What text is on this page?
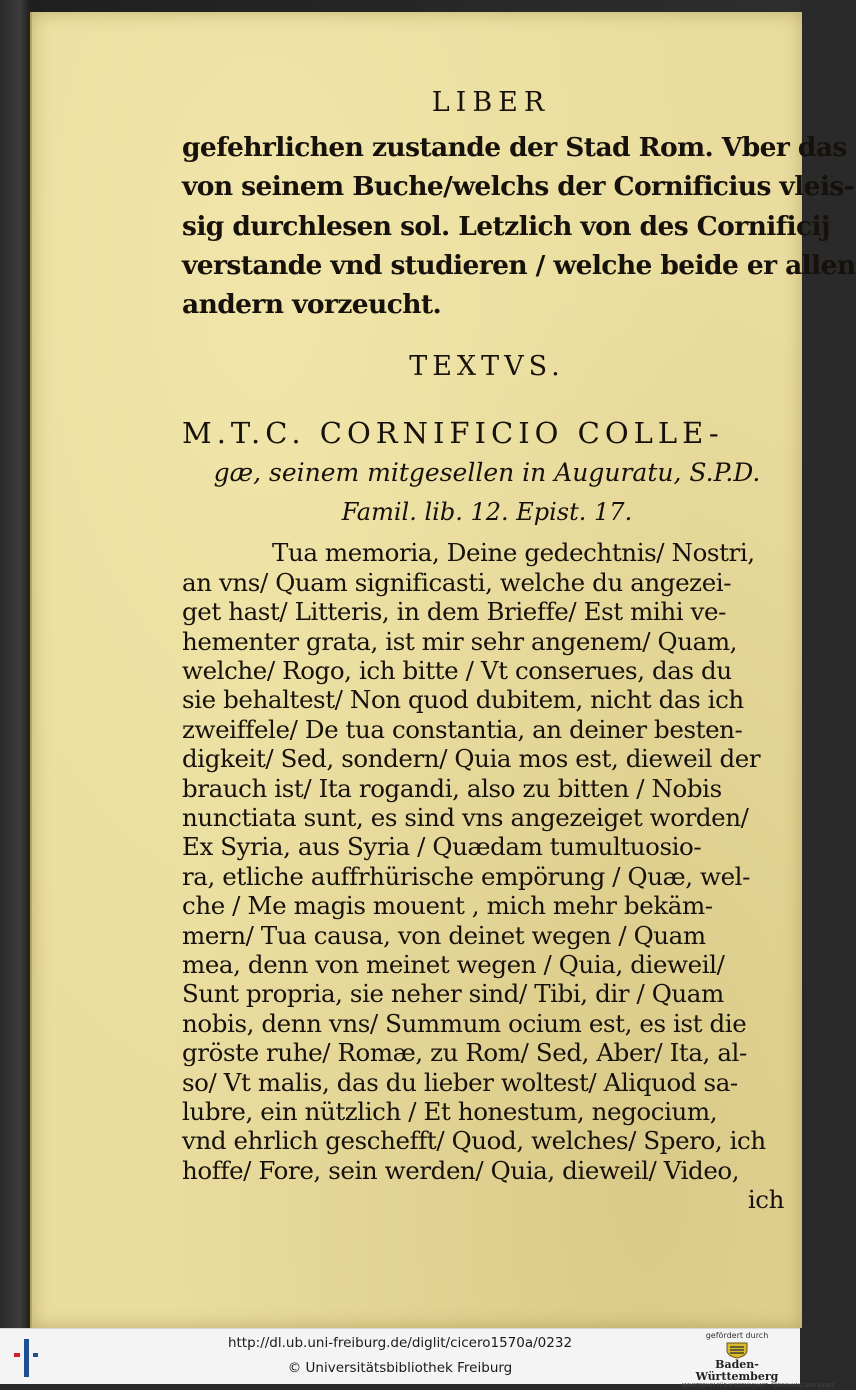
LIBER

gefehrlichen zustande der Stad Rom. Vber das

von seinem Buche/welchs der Cornificius vleis-

sig durchlesen sol. Letzlich von des Cornificij

verstande vnd studieren / welche beide er allen

andern vorzeucht.

TEXTVS.
M.T.C. CORNIFICIO COLLE-
gæ, seinem mitgesellen in Auguratu, S.P.D.
Famil. lib. 12. Epist. 17.
Tua memoria, Deine gedechtnis/ Nostri,
an vns/ Quam significasti, welche du angezei-
get hast/ Litteris, in dem Brieffe/ Est mihi ve-
hementer grata, ist mir sehr angenem/ Quam,
welche/ Rogo, ich bitte / Vt conserues, das du
sie behaltest/ Non quod dubitem, nicht das ich
zweiffele/ De tua constantia, an deiner besten-
digkeit/ Sed, sondern/ Quia mos est, dieweil der
brauch ist/ Ita rogandi, also zu bitten / Nobis
nunctiata sunt, es sind vns angezeiget worden/
Ex Syria, aus Syria / Quædam tumultuosio-
ra, etliche auffrhürische empörung / Quæ, wel-
che / Me magis mouent , mich mehr bekäm-
mern/ Tua causa, von deinet wegen / Quam
mea, denn von meinet wegen / Quia, dieweil/
Sunt propria, sie neher sind/ Tibi, dir / Quam
nobis, denn vns/ Summum ocium est, es ist die
gröste ruhe/ Romæ, zu Rom/ Sed, Aber/ Ita, al-
so/ Vt malis, das du lieber woltest/ Aliquod sa-
lubre, ein nützlich / Et honestum, negocium,
vnd ehrlich geschefft/ Quod, welches/ Spero, ich
hoffe/ Fore, sein werden/ Quia, dieweil/ Video,
ich
http://dl.ub.uni-freiburg.de/diglit/cicero1570a/0232
© Universitätsbibliothek Freiburg
gefördert durch
Baden-Württemberg
MINISTERIUM FÜR WISSENSCHAFT, FORSCHUNG UND KUNST
